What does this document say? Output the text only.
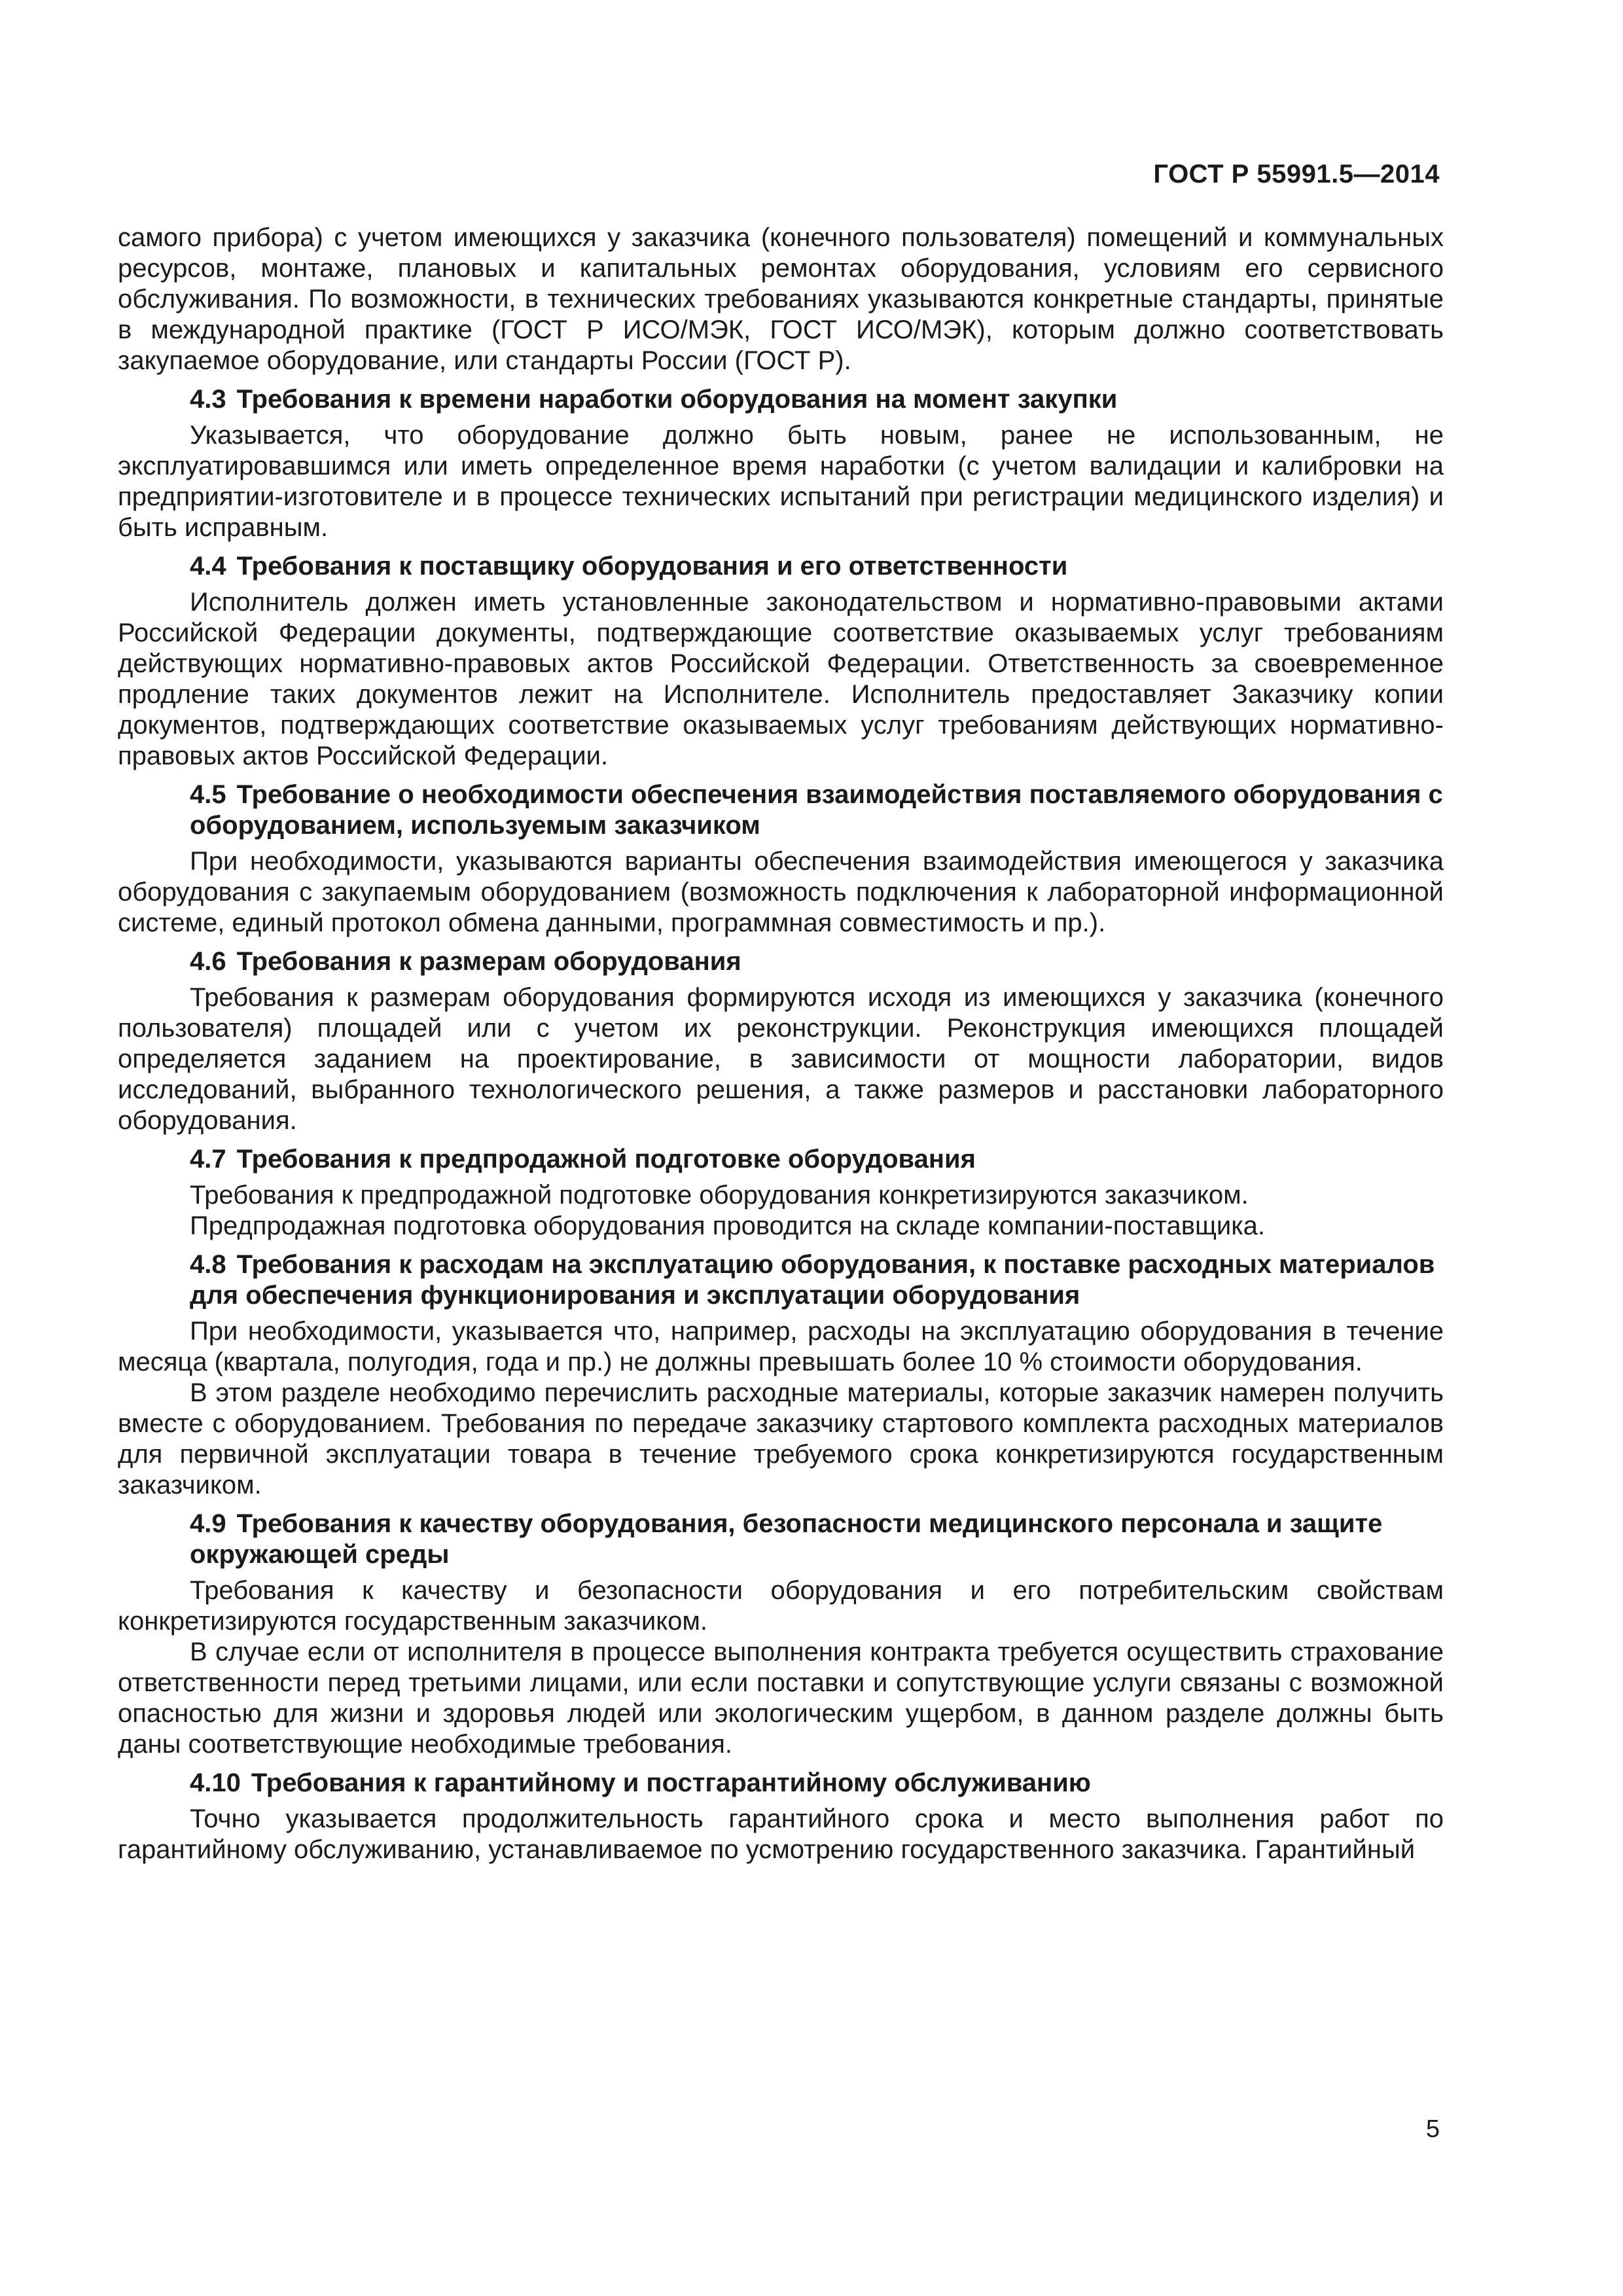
ГОСТ Р 55991.5—2014

самого прибора) с учетом имеющихся у заказчика (конечного пользователя) помещений и коммунальных ресурсов, монтаже, плановых и капитальных ремонтах оборудования, условиям его сервисного обслуживания. По возможности, в технических требованиях указываются конкретные стандарты, принятые в международной практике (ГОСТ Р ИСО/МЭК, ГОСТ ИСО/МЭК), которым должно соответствовать закупаемое оборудование, или стандарты России (ГОСТ Р).

4.3 Требования к времени наработки оборудования на момент закупки

Указывается, что оборудование должно быть новым, ранее не использованным, не эксплуатировавшимся или иметь определенное время наработки (с учетом валидации и калибровки на предприятии-изготовителе и в процессе технических испытаний при регистрации медицинского изделия) и быть исправным.

4.4 Требования к поставщику оборудования и его ответственности

Исполнитель должен иметь установленные законодательством и нормативно-правовыми актами Российской Федерации документы, подтверждающие соответствие оказываемых услуг требованиям действующих нормативно-правовых актов Российской Федерации. Ответственность за своевременное продление таких документов лежит на Исполнителе. Исполнитель предоставляет Заказчику копии документов, подтверждающих соответствие оказываемых услуг требованиям действующих нормативно-правовых актов Российской Федерации.

4.5 Требование о необходимости обеспечения взаимодействия поставляемого оборудования с оборудованием, используемым заказчиком

При необходимости, указываются варианты обеспечения взаимодействия имеющегося у заказчика оборудования с закупаемым оборудованием (возможность подключения к лабораторной информационной системе, единый протокол обмена данными, программная совместимость и пр.).

4.6 Требования к размерам оборудования

Требования к размерам оборудования формируются исходя из имеющихся у заказчика (конечного пользователя) площадей или с учетом их реконструкции. Реконструкция имеющихся площадей определяется заданием на проектирование, в зависимости от мощности лаборатории, видов исследований, выбранного технологического решения, а также размеров и расстановки лабораторного оборудования.

4.7 Требования к предпродажной подготовке оборудования

Требования к предпродажной подготовке оборудования конкретизируются заказчиком.

Предпродажная подготовка оборудования проводится на складе компании-поставщика.

4.8 Требования к расходам на эксплуатацию оборудования, к поставке расходных материалов для обеспечения функционирования и эксплуатации оборудования

При необходимости, указывается что, например, расходы на эксплуатацию оборудования в течение месяца (квартала, полугодия, года и пр.) не должны превышать более 10 % стоимости оборудования.

В этом разделе необходимо перечислить расходные материалы, которые заказчик намерен получить вместе с оборудованием. Требования по передаче заказчику стартового комплекта расходных материалов для первичной эксплуатации товара в течение требуемого срока конкретизируются государственным заказчиком.

4.9 Требования к качеству оборудования, безопасности медицинского персонала и защите окружающей среды

Требования к качеству и безопасности оборудования и его потребительским свойствам конкретизируются государственным заказчиком.

В случае если от исполнителя в процессе выполнения контракта требуется осуществить страхование ответственности перед третьими лицами, или если поставки и сопутствующие услуги связаны с возможной опасностью для жизни и здоровья людей или экологическим ущербом, в данном разделе должны быть даны соответствующие необходимые требования.

4.10 Требования к гарантийному и постгарантийному обслуживанию

Точно указывается продолжительность гарантийного срока и место выполнения работ по гарантийному обслуживанию, устанавливаемое по усмотрению государственного заказчика. Гарантийный

5
